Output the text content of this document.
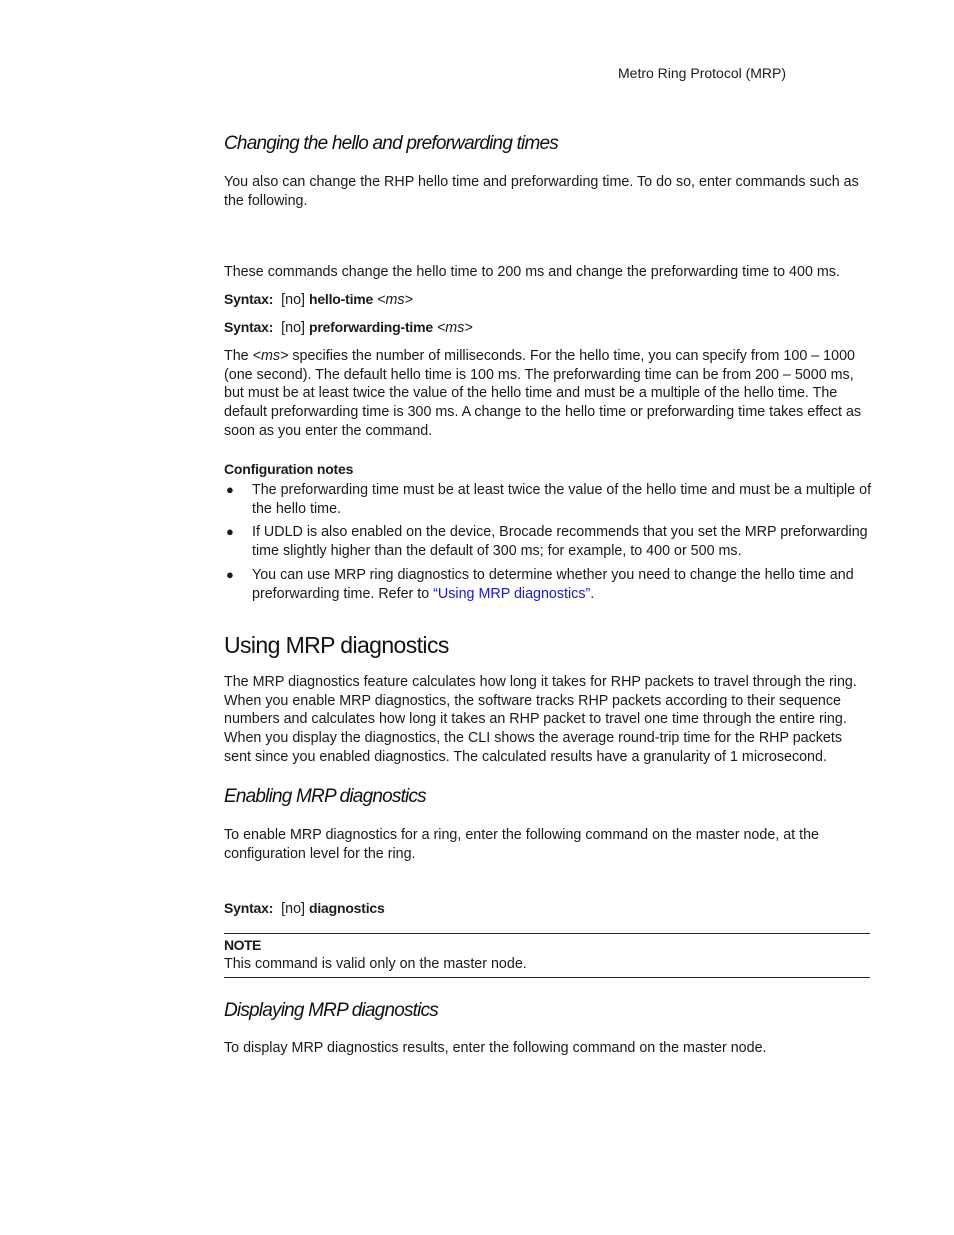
Metro Ring Protocol (MRP)
Changing the hello and preforwarding times
You also can change the RHP hello time and preforwarding time. To do so, enter commands such as the following.
These commands change the hello time to 200 ms and change the preforwarding time to 400 ms.
Syntax: [no] hello-time <ms>
Syntax: [no] preforwarding-time <ms>
The <ms> specifies the number of milliseconds. For the hello time, you can specify from 100 – 1000 (one second). The default hello time is 100 ms. The preforwarding time can be from 200 – 5000 ms, but must be at least twice the value of the hello time and must be a multiple of the hello time. The default preforwarding time is 300 ms. A change to the hello time or preforwarding time takes effect as soon as you enter the command.
Configuration notes
● The preforwarding time must be at least twice the value of the hello time and must be a multiple of the hello time.
● If UDLD is also enabled on the device, Brocade recommends that you set the MRP preforwarding time slightly higher than the default of 300 ms; for example, to 400 or 500 ms.
● You can use MRP ring diagnostics to determine whether you need to change the hello time and preforwarding time. Refer to “Using MRP diagnostics”.
Using MRP diagnostics
The MRP diagnostics feature calculates how long it takes for RHP packets to travel through the ring. When you enable MRP diagnostics, the software tracks RHP packets according to their sequence numbers and calculates how long it takes an RHP packet to travel one time through the entire ring. When you display the diagnostics, the CLI shows the average round-trip time for the RHP packets sent since you enabled diagnostics. The calculated results have a granularity of 1 microsecond.
Enabling MRP diagnostics
To enable MRP diagnostics for a ring, enter the following command on the master node, at the configuration level for the ring.
Syntax: [no] diagnostics
NOTE
This command is valid only on the master node.
Displaying MRP diagnostics
To display MRP diagnostics results, enter the following command on the master node.
